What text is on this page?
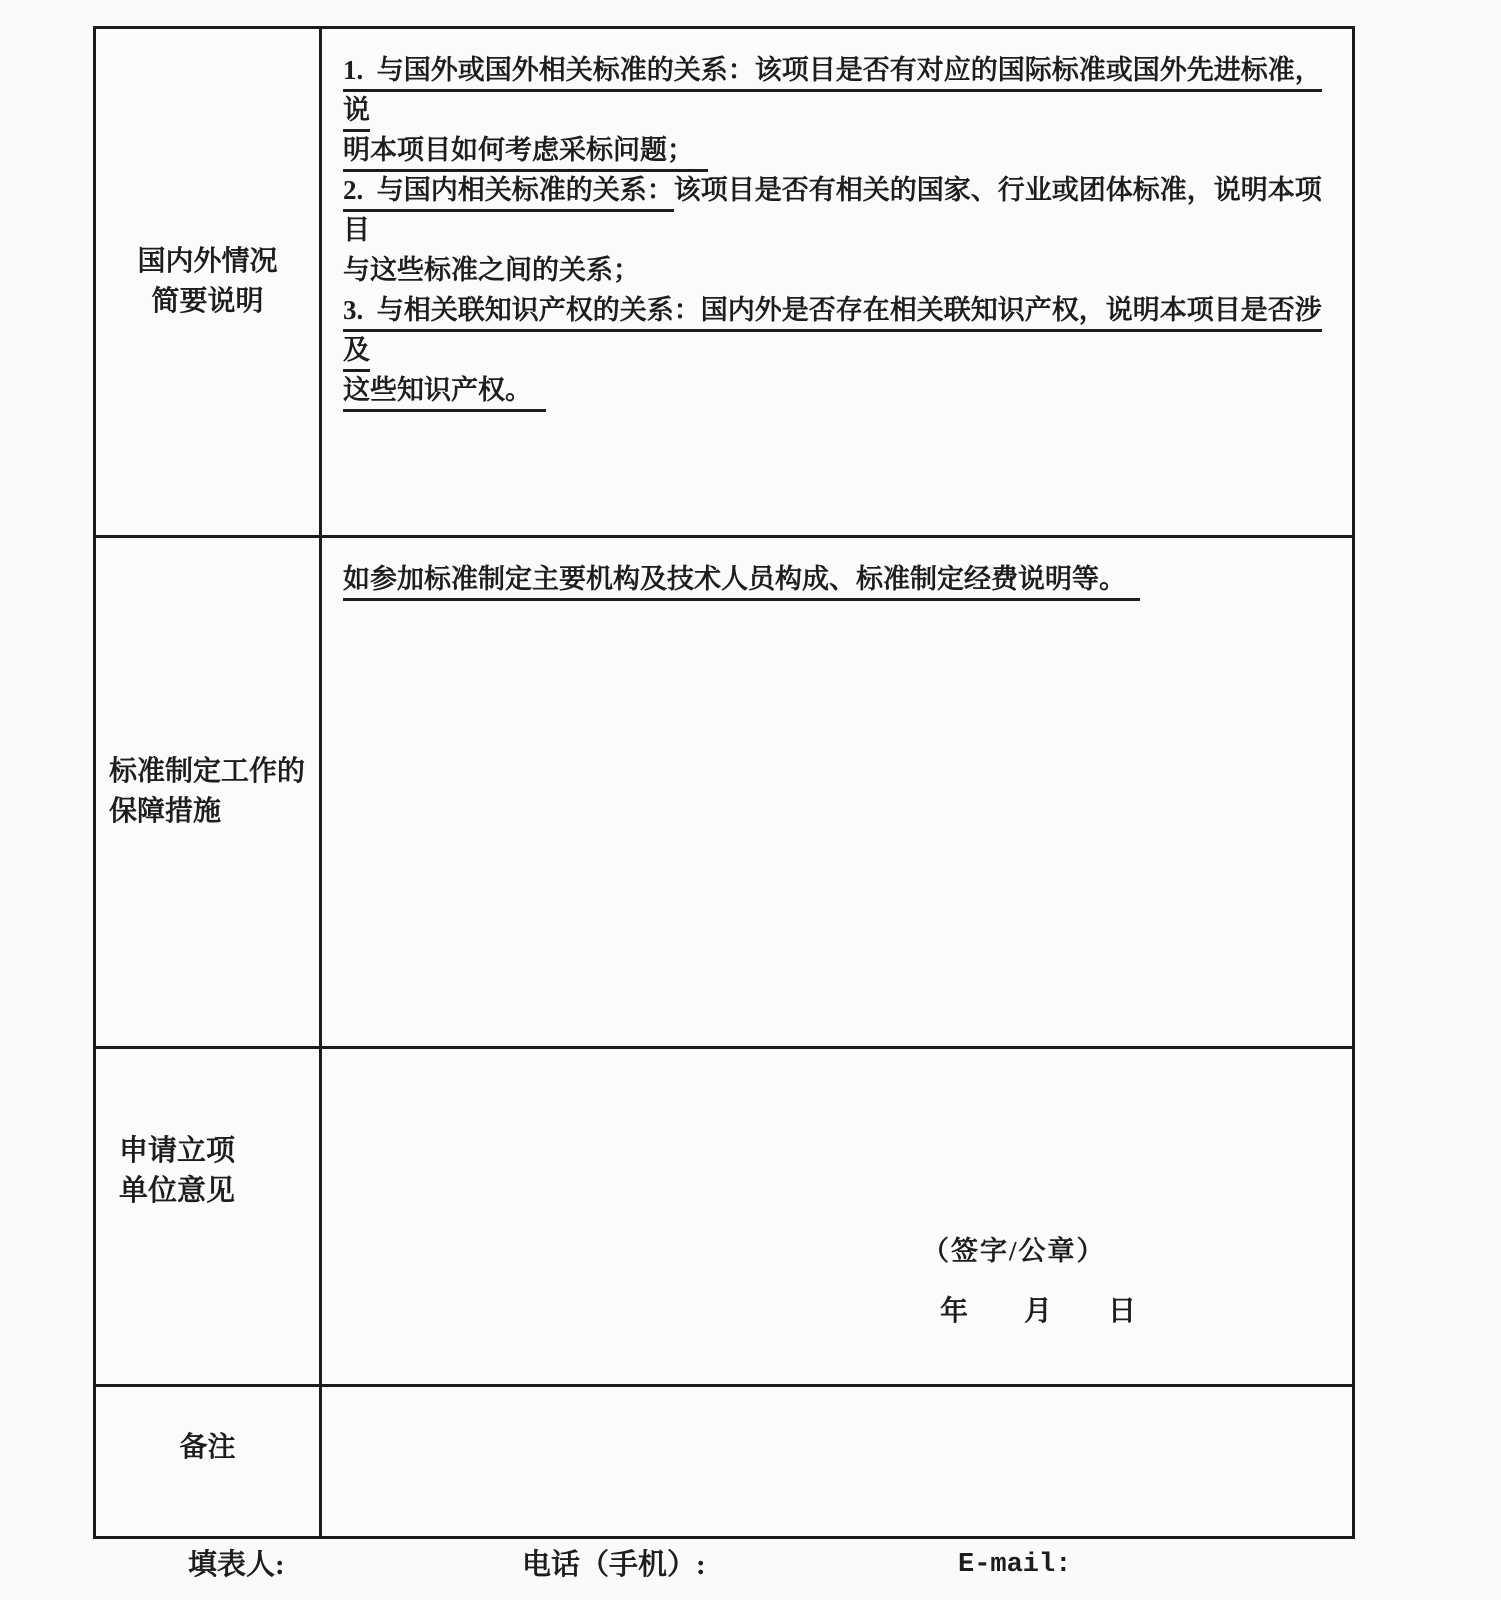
国内外情况
简要说明
1.  与国外或国外相关标准的关系：该项目是否有对应的国际标准或国外先进标准，说
明本项目如何考虑采标问题；　
2.  与国内相关标准的关系：该项目是否有相关的国家、行业或团体标准，说明本项目
与这些标准之间的关系；
3.  与相关联知识产权的关系：国内外是否存在相关联知识产权，说明本项目是否涉及
这些知识产权。　
标准制定工作的
保障措施
如参加标准制定主要机构及技术人员构成、标准制定经费说明等。　
申请立项
单位意见
（签字/公章）
年　　月　　日
备注
填表人:	电话（手机）:	E-mail:
